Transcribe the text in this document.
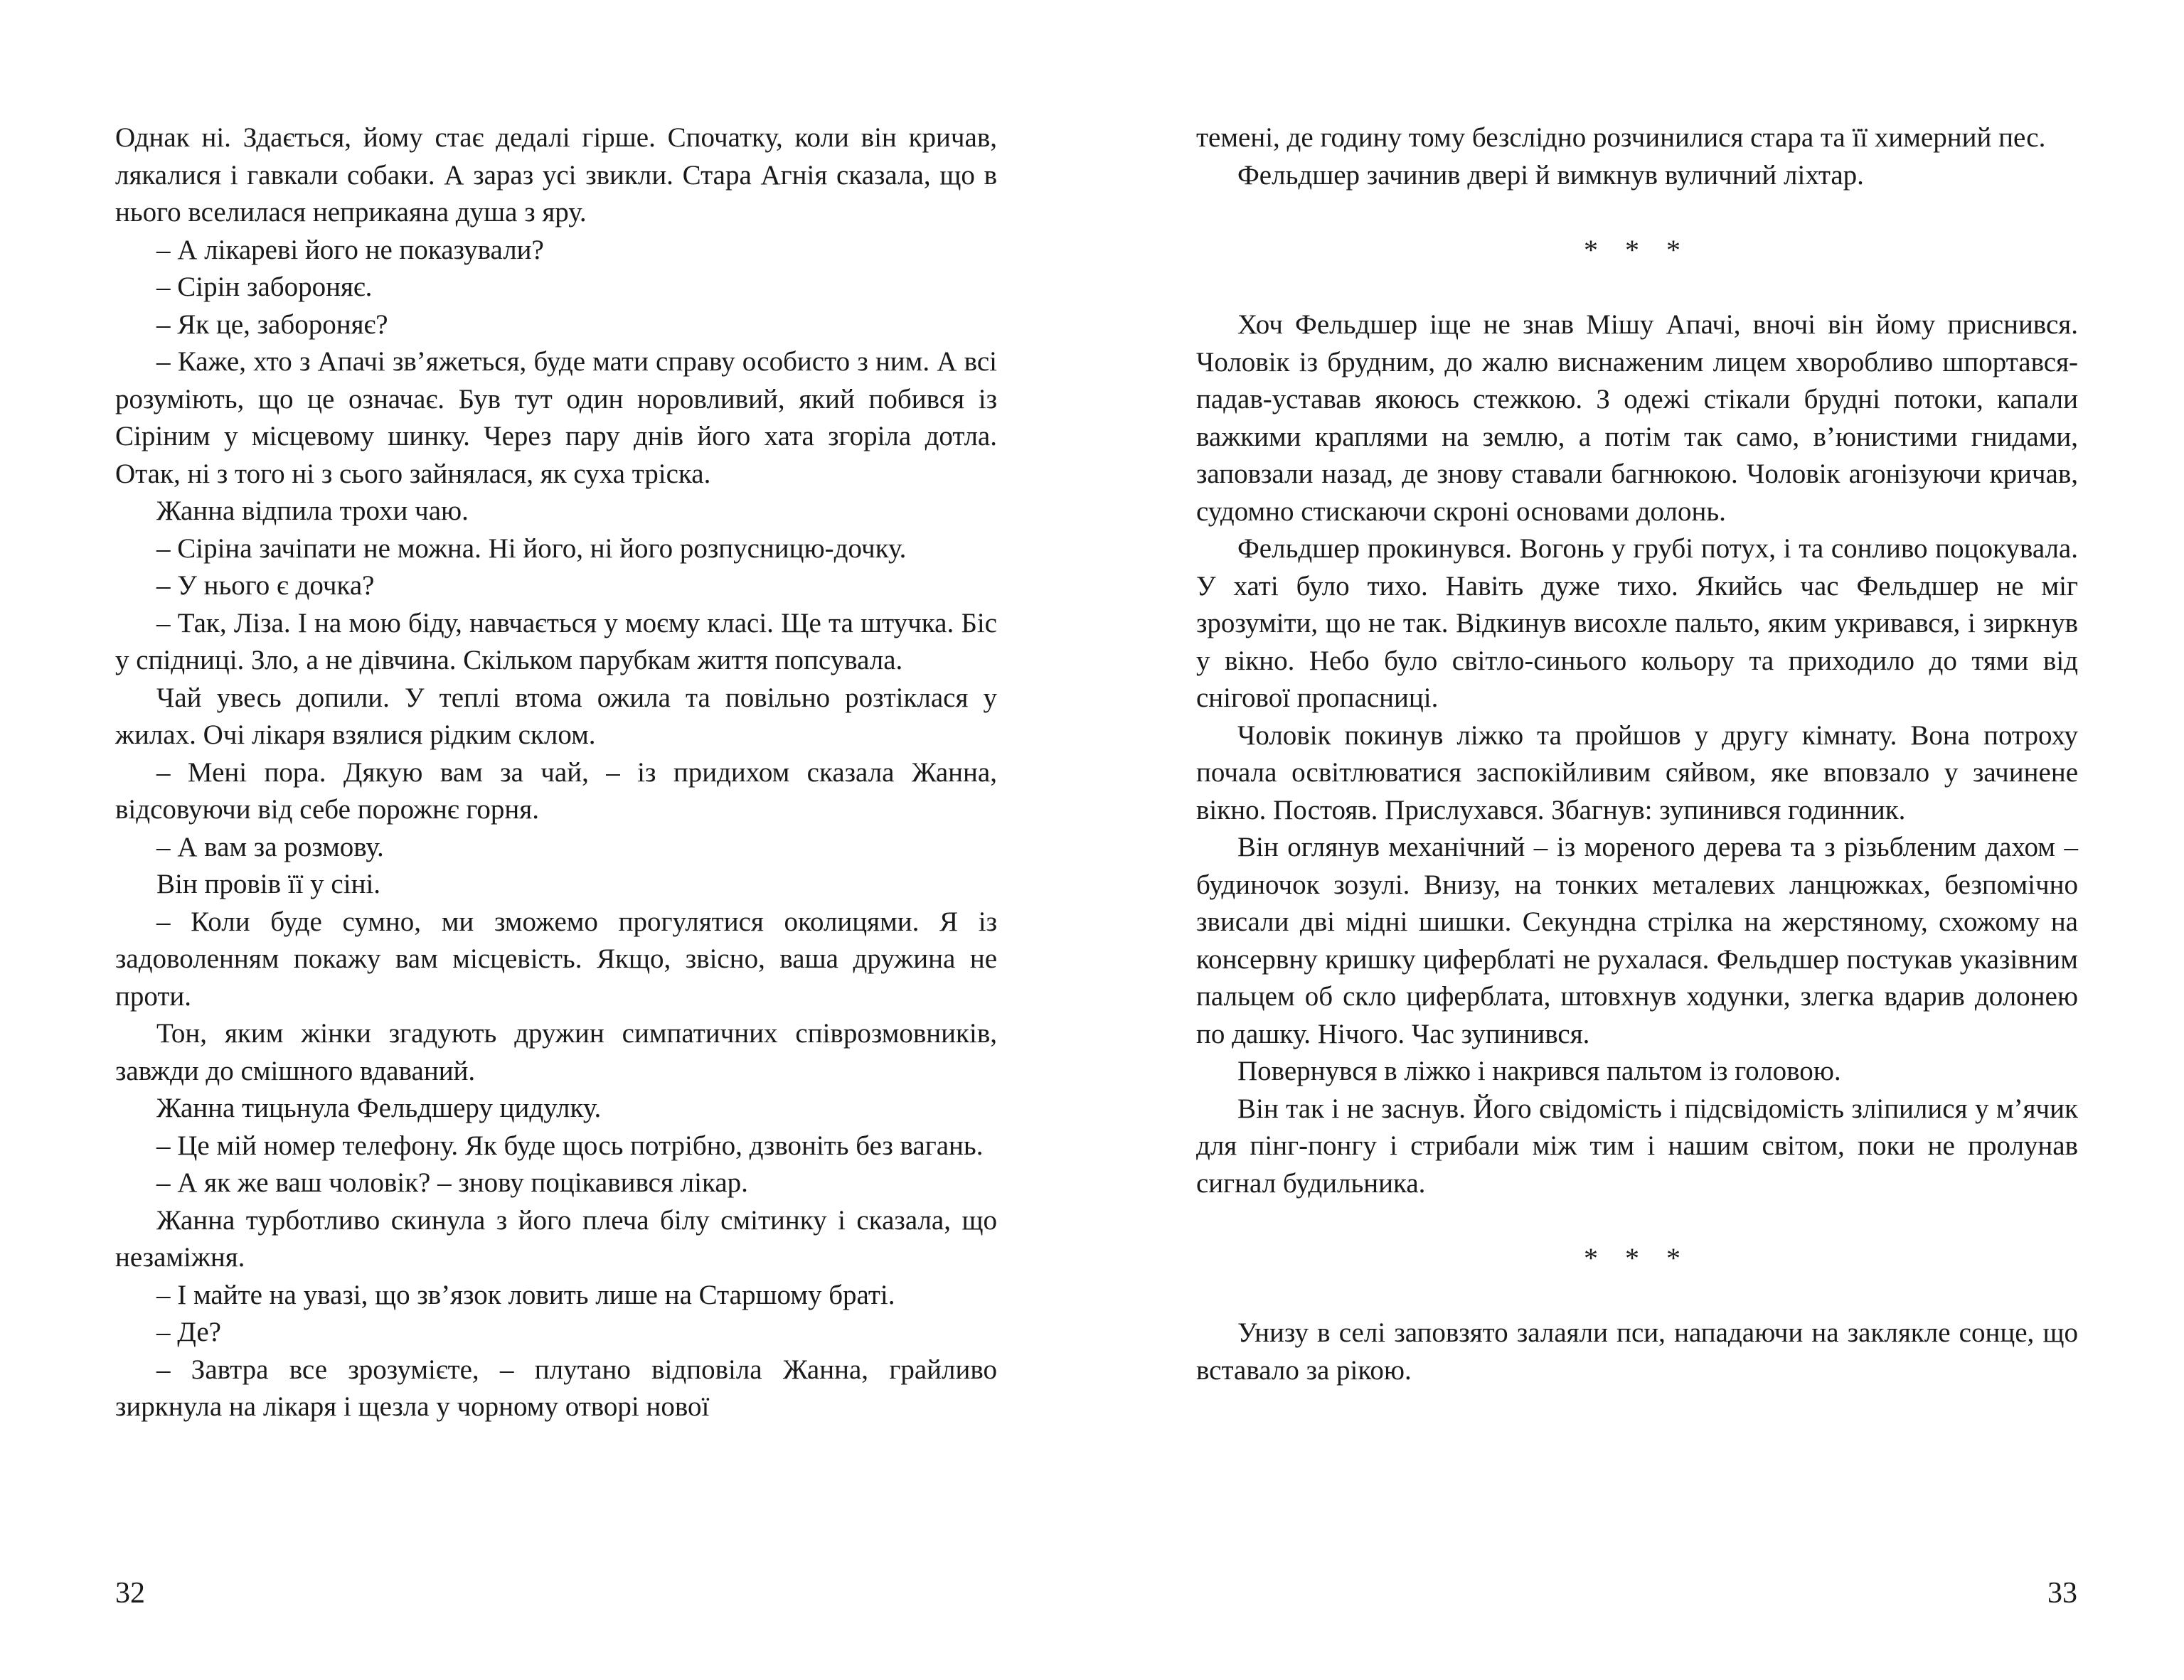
Однак ні. Здається, йому стає дедалі гірше. Спочатку, коли він кричав, лякалися і гавкали собаки. А зараз усі звикли. Стара Агнія сказала, що в нього вселилася неприкаяна душа з яру.

– А лікареві його не показували?

– Сірін забороняє.

– Як це, забороняє?

– Каже, хто з Апачі зв’яжеться, буде мати справу особисто з ним. А всі розуміють, що це означає. Був тут один норовливий, який побився із Сіріним у місцевому шинку. Через пару днів його хата згоріла дотла. Отак, ні з того ні з сього зайнялася, як суха тріска.

Жанна відпила трохи чаю.

– Сіріна зачіпати не можна. Ні його, ні його розпусницю-дочку.

– У нього є дочка?

– Так, Ліза. І на мою біду, навчається у моєму класі. Ще та штучка. Біс у спідниці. Зло, а не дівчина. Скільком парубкам життя попсувала.

Чай увесь допили. У теплі втома ожила та повільно розтіклася у жилах. Очі лікаря взялися рідким склом.

– Мені пора. Дякую вам за чай, – із придихом сказала Жанна, відсовуючи від себе порожнє горня.

– А вам за розмову.

Він провів її у сіні.

– Коли буде сумно, ми зможемо прогулятися околицями. Я із задоволенням покажу вам місцевість. Якщо, звісно, ваша дружина не проти.

Тон, яким жінки згадують дружин симпатичних співрозмовників, завжди до смішного вдаваний.

Жанна тицьнула Фельдшеру цидулку.

– Це мій номер телефону. Як буде щось потрібно, дзвоніть без вагань.

– А як же ваш чоловік? – знову поцікавився лікар.

Жанна турботливо скинула з його плеча білу смітинку і сказала, що незаміжня.

– І майте на увазі, що зв’язок ловить лише на Старшому браті.

– Де?

– Завтра все зрозумієте, – плутано відповіла Жанна, грайливо зиркнула на лікаря і щезла у чорному отворі нової

32

темені, де годину тому безслідно розчинилися стара та її химерний пес.

Фельдшер зачинив двері й вимкнув вуличний ліхтар.

* * *

Хоч Фельдшер іще не знав Мішу Апачі, вночі він йому приснився. Чоловік із брудним, до жалю виснаженим лицем хворобливо шпортався-падав-уставав якоюсь стежкою. З одежі стікали брудні потоки, капали важкими краплями на землю, а потім так само, в’юнистими гнидами, заповзали назад, де знову ставали багнюкою. Чоловік агонізуючи кричав, судомно стискаючи скроні основами долонь.

Фельдшер прокинувся. Вогонь у грубі потух, і та сонливо поцокувала. У хаті було тихо. Навіть дуже тихо. Якийсь час Фельдшер не міг зрозуміти, що не так. Відкинув висохле пальто, яким укривався, і зиркнув у вікно. Небо було світло-синього кольору та приходило до тями від снігової пропасниці.

Чоловік покинув ліжко та пройшов у другу кімнату. Вона потроху почала освітлюватися заспокійливим сяйвом, яке вповзало у зачинене вікно. Постояв. Прислухався. Збагнув: зупинився годинник.

Він оглянув механічний – із мореного дерева та з різьбленим дахом – будиночок зозулі. Внизу, на тонких металевих ланцюжках, безпомічно звисали дві мідні шишки. Секундна стрілка на жерстяному, схожому на консервну кришку циферблаті не рухалася. Фельдшер постукав указівним пальцем об скло циферблата, штовхнув ходунки, злегка вдарив долонею по дашку. Нічого. Час зупинився.

Повернувся в ліжко і накрився пальтом із головою.

Він так і не заснув. Його свідомість і підсвідомість зліпилися у м’ячик для пінг-понгу і стрибали між тим і нашим світом, поки не пролунав сигнал будильника.

* * *

Унизу в селі заповзято залаяли пси, нападаючи на заклякле сонце, що вставало за рікою.

33
